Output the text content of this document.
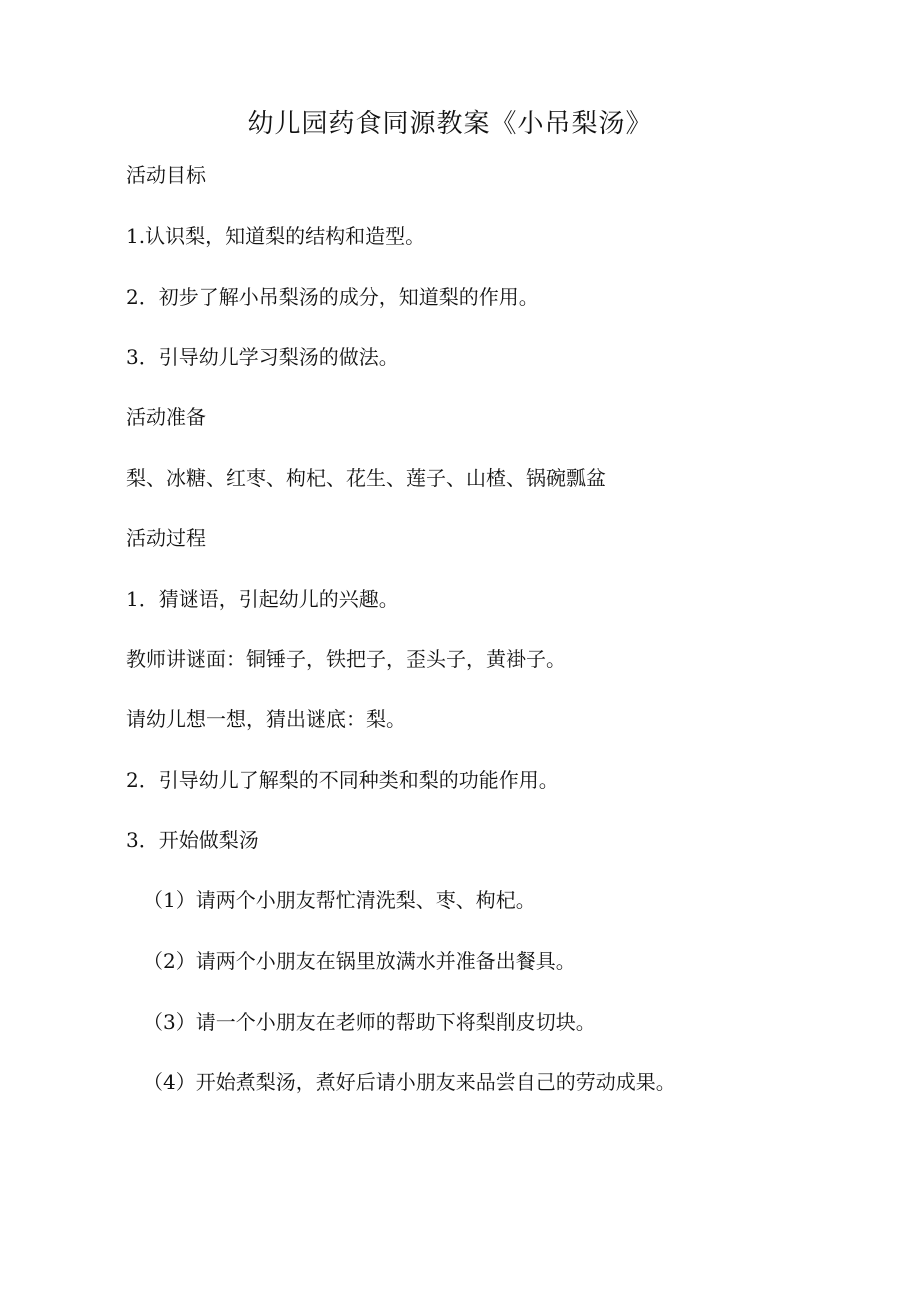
幼儿园药食同源教案《小吊梨汤》

活动目标

1.认识梨，知道梨的结构和造型。

2．初步了解小吊梨汤的成分，知道梨的作用。

3．引导幼儿学习梨汤的做法。

活动准备

梨、冰糖、红枣、枸杞、花生、莲子、山楂、锅碗瓢盆

活动过程

1．猜谜语，引起幼儿的兴趣。

教师讲谜面：铜锤子，铁把子，歪头子，黄褂子。

请幼儿想一想，猜出谜底：梨。

2．引导幼儿了解梨的不同种类和梨的功能作用。

3．开始做梨汤

（1）请两个小朋友帮忙清洗梨、枣、枸杞。

（2）请两个小朋友在锅里放满水并准备出餐具。

（3）请一个小朋友在老师的帮助下将梨削皮切块。

（4）开始煮梨汤，煮好后请小朋友来品尝自己的劳动成果。
